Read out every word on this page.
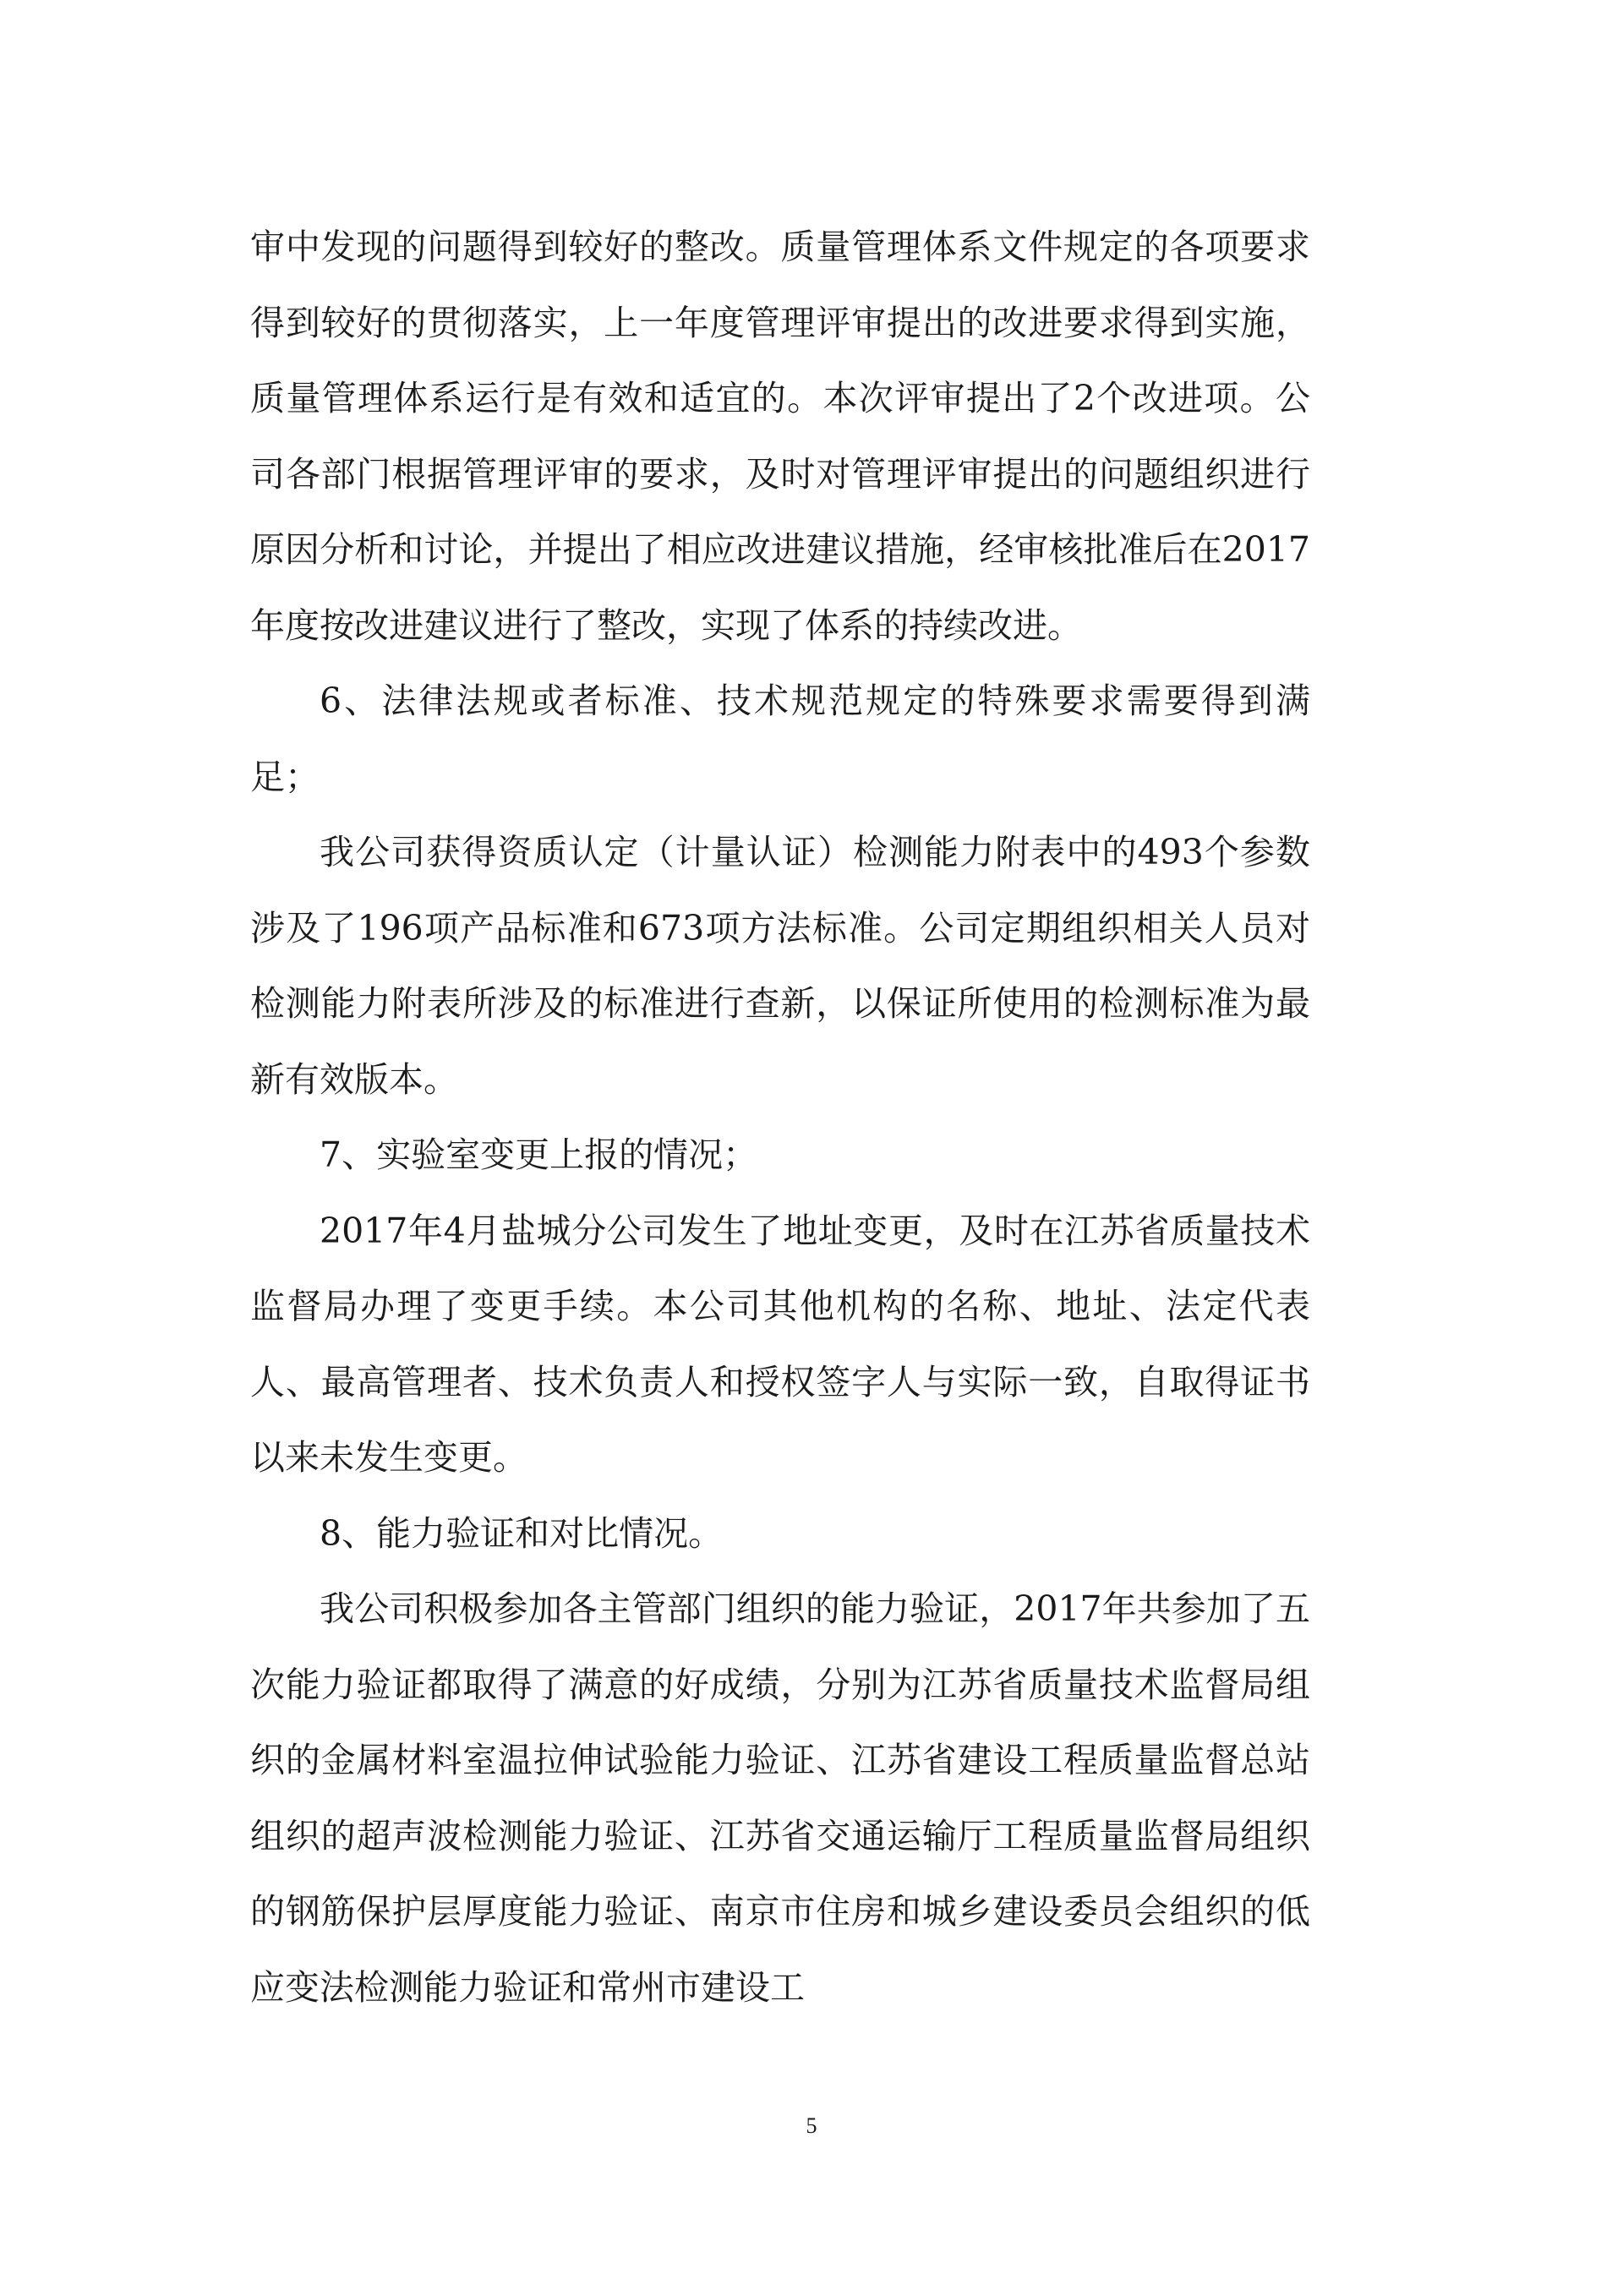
审中发现的问题得到较好的整改。质量管理体系文件规定的各项要求得到较好的贯彻落实，上一年度管理评审提出的改进要求得到实施，质量管理体系运行是有效和适宜的。本次评审提出了2个改进项。公司各部门根据管理评审的要求，及时对管理评审提出的问题组织进行原因分析和讨论，并提出了相应改进建议措施，经审核批准后在2017年度按改进建议进行了整改，实现了体系的持续改进。

6、法律法规或者标准、技术规范规定的特殊要求需要得到满足；

我公司获得资质认定（计量认证）检测能力附表中的493个参数涉及了196项产品标准和673项方法标准。公司定期组织相关人员对检测能力附表所涉及的标准进行查新，以保证所使用的检测标准为最新有效版本。

7、实验室变更上报的情况；

2017年4月盐城分公司发生了地址变更，及时在江苏省质量技术监督局办理了变更手续。本公司其他机构的名称、地址、法定代表人、最高管理者、技术负责人和授权签字人与实际一致，自取得证书以来未发生变更。

8、能力验证和对比情况。

我公司积极参加各主管部门组织的能力验证，2017年共参加了五次能力验证都取得了满意的好成绩，分别为江苏省质量技术监督局组织的金属材料室温拉伸试验能力验证、江苏省建设工程质量监督总站组织的超声波检测能力验证、江苏省交通运输厅工程质量监督局组织的钢筋保护层厚度能力验证、南京市住房和城乡建设委员会组织的低应变法检测能力验证和常州市建设工

5
